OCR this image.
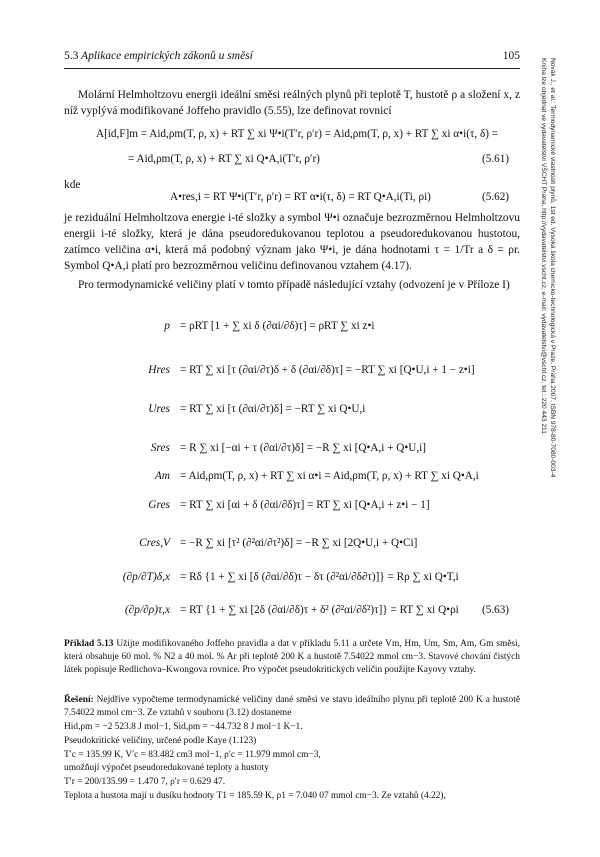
5.3 Aplikace empirických zákonů u směsí	105
Novák J., et al.: Termodynamické vlastnosti plynů, 1st ed. Vysoká škola chemicko-technologická v Praze, Praha 2007. ISBN 978-80-7080-003-4
Kniha lze objednat ve vydavatelství VŠCHT Praha, http://vydavatelstvi.vscht.cz, e-mail: vydavatelstvi@vscht.cz, tel.: 220 443 211
Molární Helmholtzovu energii ideální směsi reálných plynů při teplotě T, hustotě ρ a složení x, z níž vyplývá modifikované Joffeho pravidlo (5.55), lze definovat rovnicí
A[id,F]m = Aid,ρm(T, ρ, x) + RT ∑ xi Ψ•i(T′r, ρ′r) = Aid,ρm(T, ρ, x) + RT ∑ xi α•i(τ, δ) =
= Aid,ρm(T, ρ, x) + RT ∑ xi Q•A,i(T′r, ρ′r)	(5.61)
kde
A•res,i = RT Ψ•i(T′r, ρ′r) = RT α•i(τ, δ) = RT Q•A,i(Ti, ρi)	(5.62)
je reziduální Helmholtzova energie i-té složky a symbol Ψ•i označuje bezrozměrnou Helmholtzovu energii i-té složky, která je dána pseudoredukovanou teplotou a pseudoredukovanou hustotou, zatímco veličina α•i, která má podobný význam jako Ψ•i, je dána hodnotami τ = 1/Tr a δ = ρr. Symbol Q•A,i platí pro bezrozměrnou veličinu definovanou vztahem (4.17).
Pro termodynamické veličiny platí v tomto případě následující vztahy (odvození je v Příloze I)
p = ρRT [1 + ∑ xi δ (∂αi/∂δ)τ] = ρRT ∑ xi z•i
Hres = RT ∑ xi [τ (∂αi/∂τ)δ + δ (∂αi/∂δ)τ] = −RT ∑ xi [Q•U,i + 1 − z•i]
Ures = RT ∑ xi [τ (∂αi/∂τ)δ] = −RT ∑ xi Q•U,i
Sres = R ∑ xi [−αi + τ (∂αi/∂τ)δ] = −R ∑ xi [Q•A,i + Q•U,i]
Am = Aid,ρm(T, ρ, x) + RT ∑ xi α•i = Aid,ρm(T, ρ, x) + RT ∑ xi Q•A,i
Gres = RT ∑ xi [αi + δ (∂αi/∂δ)τ] = RT ∑ xi [Q•A,i + z•i − 1]
Cres,V = −R ∑ xi [τ² (∂²αi/∂τ²)δ] = −R ∑ xi [2Q•U,i + Q•Ci]
(∂p/∂T)δ,x = Rδ {1 + ∑ xi [δ (∂αi/∂δ)τ − δτ (∂²αi/∂δ∂τ)]} = Rρ ∑ xi Q•T,i
(∂p/∂ρ)τ,x = RT {1 + ∑ xi [2δ (∂αi/∂δ)τ + δ² (∂²αi/∂δ²)τ]} = RT ∑ xi Q•ρi (5.63)
Příklad 5.13 Užijte modifikovaného Joffeho pravidla a dat v příkladu 5.11 a určete Vm, Hm, Um, Sm, Am, Gm směsi, která obsahuje 60 mol. % N2 a 40 mol. % Ar při teplotě 200 K a hustotě 7.54022 mmol cm−3. Stavové chování čistých látek popisuje Redlichova–Kwongova rovnice. Pro výpočet pseudokritických veličin použijte Kayovy vztahy.
Řešení: Nejdříve vypočteme termodynamické veličiny dané směsi ve stavu ideálního plynu při teplotě 200 K a hustotě 7.54022 mmol cm−3. Ze vztahů v souboru (3.12) dostaneme
Hid,ρm = −2 523.8 J mol−1, Sid,ρm = −44.732 8 J mol−1 K−1.
Pseudokritické veličiny, určené podle Kaye (1.123)
T′c = 135.99 K, V′c = 83.482 cm3 mol−1, ρ′c = 11.979 mmol cm−3,
umožňují výpočet pseudoredukované teploty a hustoty
T′r = 200/135.99 = 1.470 7, ρ′r = 0.629 47.
Teplota a hustota mají u dusíku hodnoty T1 = 185.59 K, ρ1 = 7.040 07 mmol cm−3. Ze vztahů (4.22),
